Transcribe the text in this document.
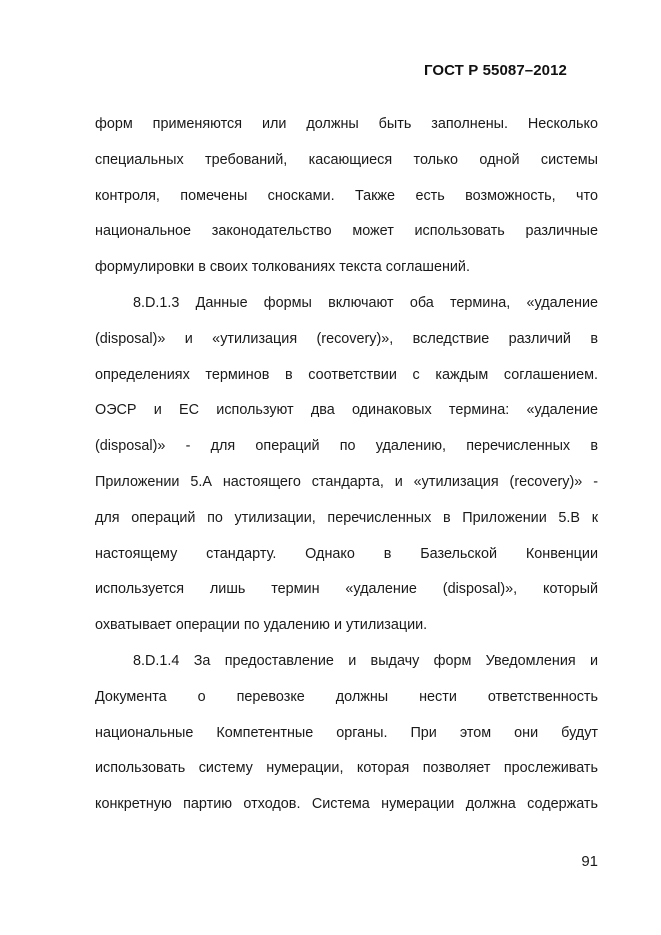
ГОСТ Р 55087–2012
форм применяются или должны быть заполнены. Несколько
специальных требований, касающиеся только одной системы
контроля, помечены сносками. Также есть возможность, что
национальное законодательство может использовать различные
формулировки в своих толкованиях текста соглашений.
8.D.1.3 Данные формы включают оба термина, «удаление
(disposal)» и «утилизация (recovery)», вследствие различий в
определениях терминов в соответствии с каждым соглашением.
ОЭСР и ЕС используют два одинаковых термина: «удаление
(disposal)» - для операций по удалению, перечисленных в
Приложении 5.А настоящего стандарта, и «утилизация (recovery)» -
для операций по утилизации, перечисленных в Приложении 5.В к
настоящему стандарту. Однако в Базельской Конвенции
используется лишь термин «удаление (disposal)», который
охватывает операции по удалению и утилизации.
8.D.1.4 За предоставление и выдачу форм Уведомления и
Документа о перевозке должны нести ответственность
национальные Компетентные органы. При этом они будут
использовать систему нумерации, которая позволяет прослеживать
конкретную партию отходов. Система нумерации должна содержать
91
